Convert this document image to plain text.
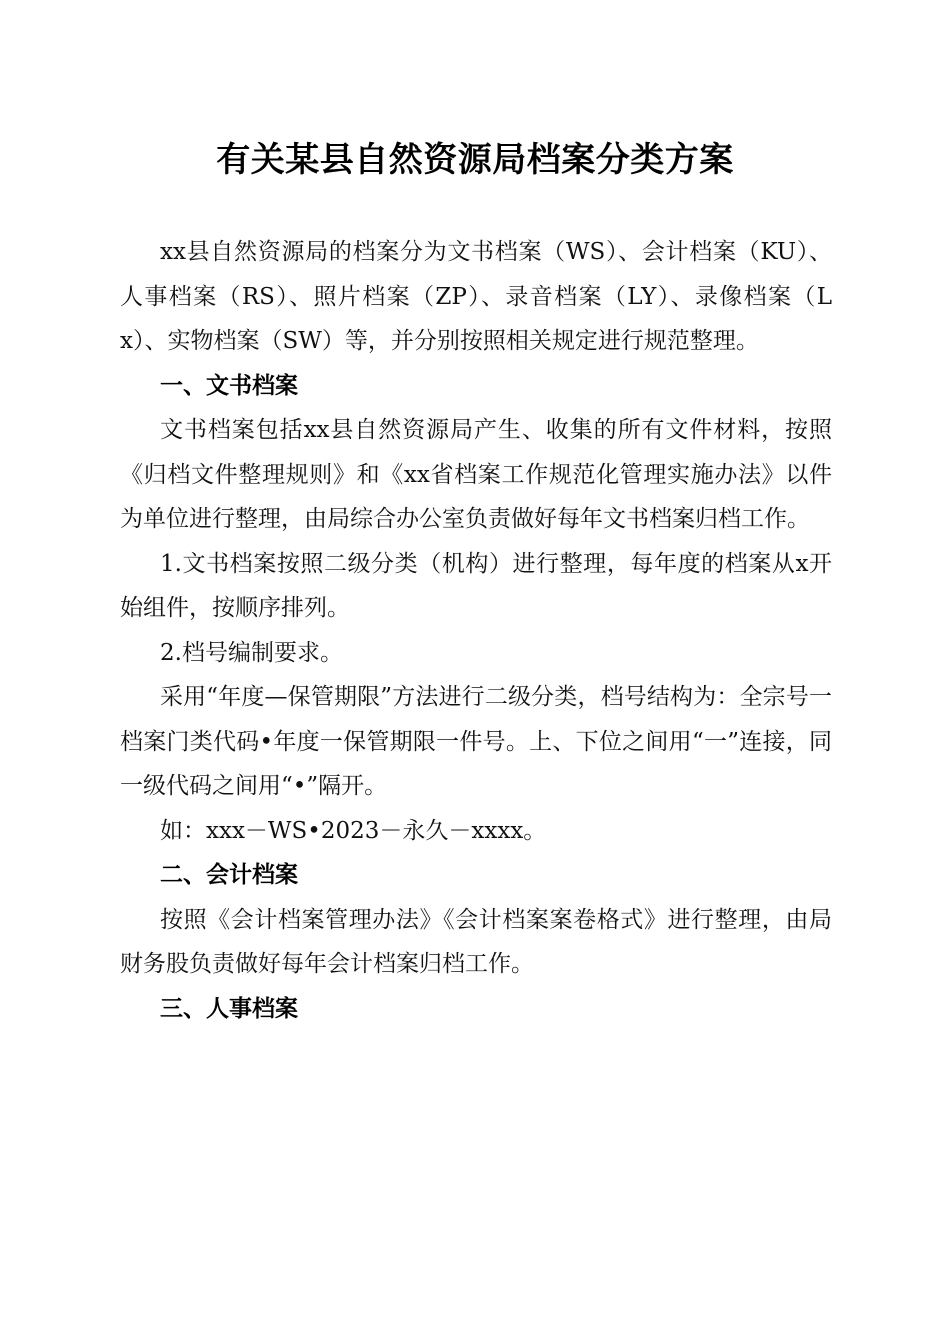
有关某县自然资源局档案分类方案

xx县自然资源局的档案分为文书档案（WS）、会计档案（KU）、人事档案（RS）、照片档案（ZP）、录音档案（LY）、录像档案（Lx）、实物档案（SW）等，并分别按照相关规定进行规范整理。

一、文书档案

文书档案包括xx县自然资源局产生、收集的所有文件材料，按照《归档文件整理规则》和《xx省档案工作规范化管理实施办法》以件为单位进行整理，由局综合办公室负责做好每年文书档案归档工作。

1.文书档案按照二级分类（机构）进行整理，每年度的档案从x开始组件，按顺序排列。

2.档号编制要求。

采用“年度—保管期限”方法进行二级分类，档号结构为：全宗号一档案门类代码•年度一保管期限一件号。上、下位之间用“一”连接，同一级代码之间用“•”隔开。

如：xxx－WS•2023－永久－xxxx。

二、会计档案

按照《会计档案管理办法》《会计档案案卷格式》进行整理，由局财务股负责做好每年会计档案归档工作。

三、人事档案
